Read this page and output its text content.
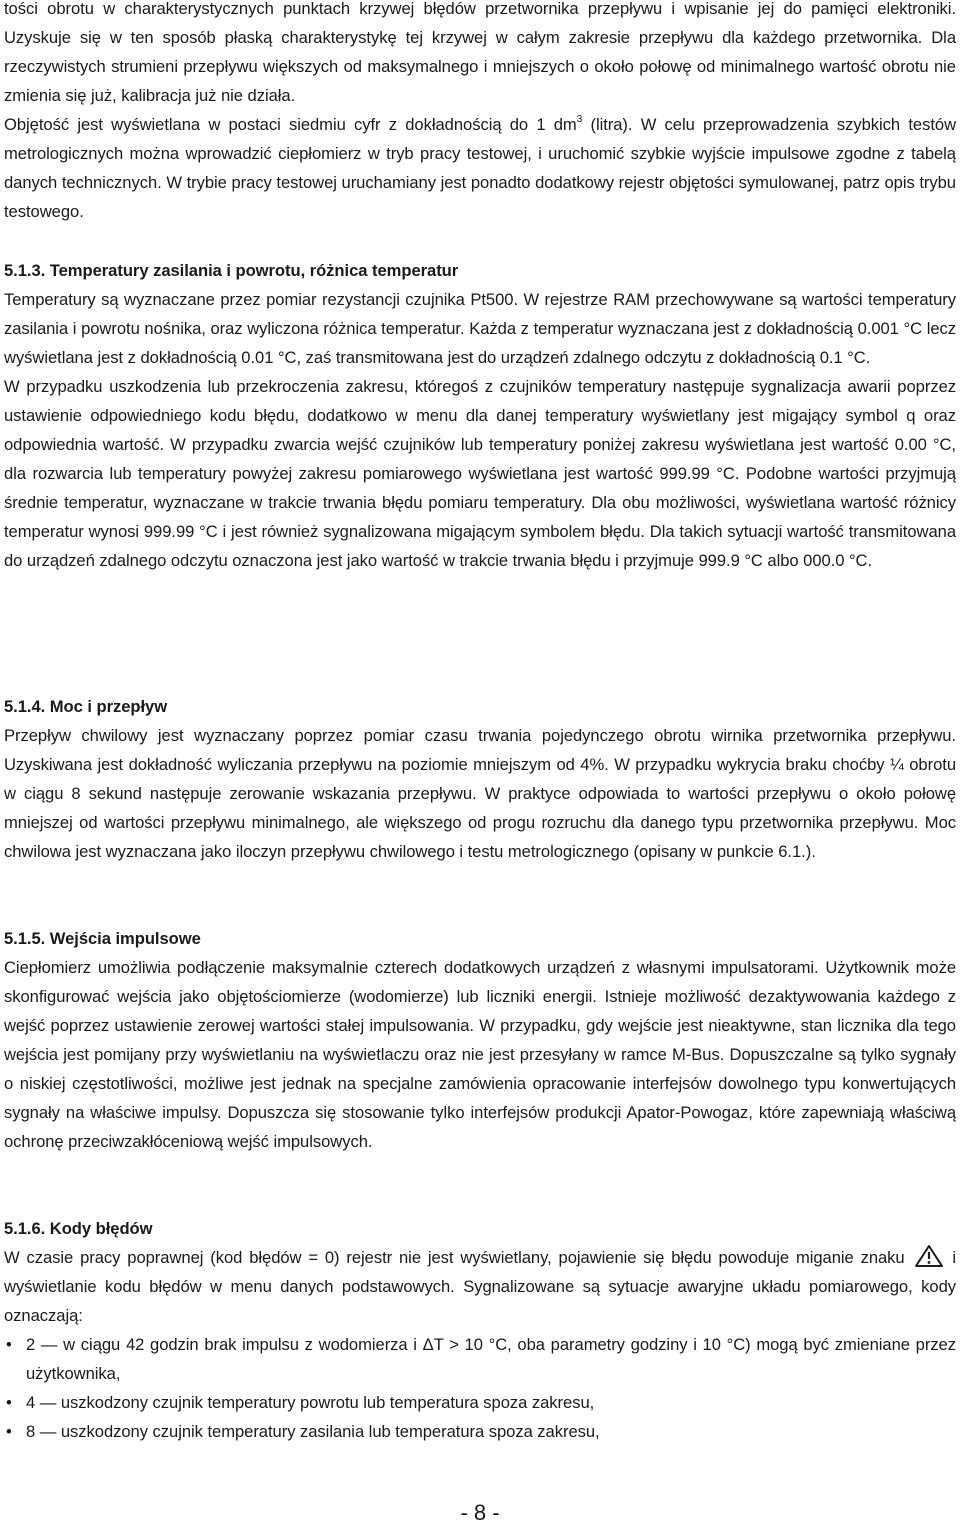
tości obrotu w charakterystycznych punktach krzywej błędów przetwornika przepływu i wpisanie jej do pamięci elektroniki. Uzyskuje się w ten sposób płaską charakterystykę tej krzywej w całym zakresie przepływu dla każdego przetwornika. Dla rzeczywistych strumieni przepływu większych od maksymalnego i mniejszych o około połowę od minimalnego wartość obrotu nie zmienia się już, kalibracja już nie działa.

Objętość jest wyświetlana w postaci siedmiu cyfr z dokładnością do 1 $dm^3$ (litra). W celu przeprowadzenia szybkich testów metrologicznych można wprowadzić ciepłomierz w tryb pracy testowej, i uruchomić szybkie wyjście impulsowe zgodne z tabelą danych technicznych. W trybie pracy testowej uruchamiany jest ponadto dodatkowy rejestr objętości symulowanej, patrz opis trybu testowego.

5.1.3. Temperatury zasilania i powrotu, różnica temperatur

Temperatury są wyznaczane przez pomiar rezystancji czujnika Pt500. W rejestrze RAM przechowywane są wartości temperatury zasilania i powrotu nośnika, oraz wyliczona różnica temperatur. Każda z temperatur wyznaczana jest z dokładnością 0.001 °C lecz wyświetlana jest z dokładnością 0.01 °C, zaś transmitowana jest do urządzeń zdalnego odczytu z dokładnością 0.1 °C.

W przypadku uszkodzenia lub przekroczenia zakresu, któregoś z czujników temperatury następuje sygnalizacja awarii poprzez ustawienie odpowiedniego kodu błędu, dodatkowo w menu dla danej temperatury wyświetlany jest migający symbol q oraz odpowiednia wartość. W przypadku zwarcia wejść czujników lub temperatury poniżej zakresu wyświetlana jest wartość 0.00 °C, dla rozwarcia lub temperatury powyżej zakresu pomiarowego wyświetlana jest wartość 999.99 °C. Podobne wartości przyjmują średnie temperatur, wyznaczane w trakcie trwania błędu pomiaru temperatury. Dla obu możliwości, wyświetlana wartość różnicy temperatur wynosi 999.99 °C i jest również sygnalizowana migającym symbolem błędu. Dla takich sytuacji wartość transmitowana do urządzeń zdalnego odczytu oznaczona jest jako wartość w trakcie trwania błędu i przyjmuje 999.9 °C albo 000.0 °C.

5.1.4. Moc i przepływ

Przepływ chwilowy jest wyznaczany poprzez pomiar czasu trwania pojedynczego obrotu wirnika przetwornika przepływu. Uzyskiwana jest dokładność wyliczania przepływu na poziomie mniejszym od 4%. W przypadku wykrycia braku choćby ¼ obrotu w ciągu 8 sekund następuje zerowanie wskazania przepływu. W praktyce odpowiada to wartości przepływu o około połowę mniejszej od wartości przepływu minimalnego, ale większego od progu rozruchu dla danego typu przetwornika przepływu. Moc chwilowa jest wyznaczana jako iloczyn przepływu chwilowego i testu metrologicznego (opisany w punkcie 6.1.).

5.1.5. Wejścia impulsowe

Ciepłomierz umożliwia podłączenie maksymalnie czterech dodatkowych urządzeń z własnymi impulsatorami. Użytkownik może skonfigurować wejścia jako objętościomierze (wodomierze) lub liczniki energii. Istnieje możliwość dezaktywowania każdego z wejść poprzez ustawienie zerowej wartości stałej impulsowania. W przypadku, gdy wejście jest nieaktywne, stan licznika dla tego wejścia jest pomijany przy wyświetlaniu na wyświetlaczu oraz nie jest przesyłany w ramce M-Bus. Dopuszczalne są tylko sygnały o niskiej częstotliwości, możliwe jest jednak na specjalne zamówienia opracowanie interfejsów dowolnego typu konwertujących sygnały na właściwe impulsy. Dopuszcza się stosowanie tylko interfejsów produkcji Apator-Powogaz, które zapewniają właściwą ochronę przeciwzakłóceniową wejść impulsowych.

5.1.6. Kody błędów

W czasie pracy poprawnej (kod błędów = 0) rejestr nie jest wyświetlany, pojawienie się błędu powoduje miganie znaku  i wyświetlanie kodu błędów w menu danych podstawowych. Sygnalizowane są sytuacje awaryjne układu pomiarowego, kody oznaczają:

• 2 — w ciągu 42 godzin brak impulsu z wodomierza i ΔT > 10 °C, oba parametry godziny i 10 °C) mogą być zmieniane przez użytkownika,
• 4 — uszkodzony czujnik temperatury powrotu lub temperatura spoza zakresu,
• 8 — uszkodzony czujnik temperatury zasilania lub temperatura spoza zakresu,
- 8 -
